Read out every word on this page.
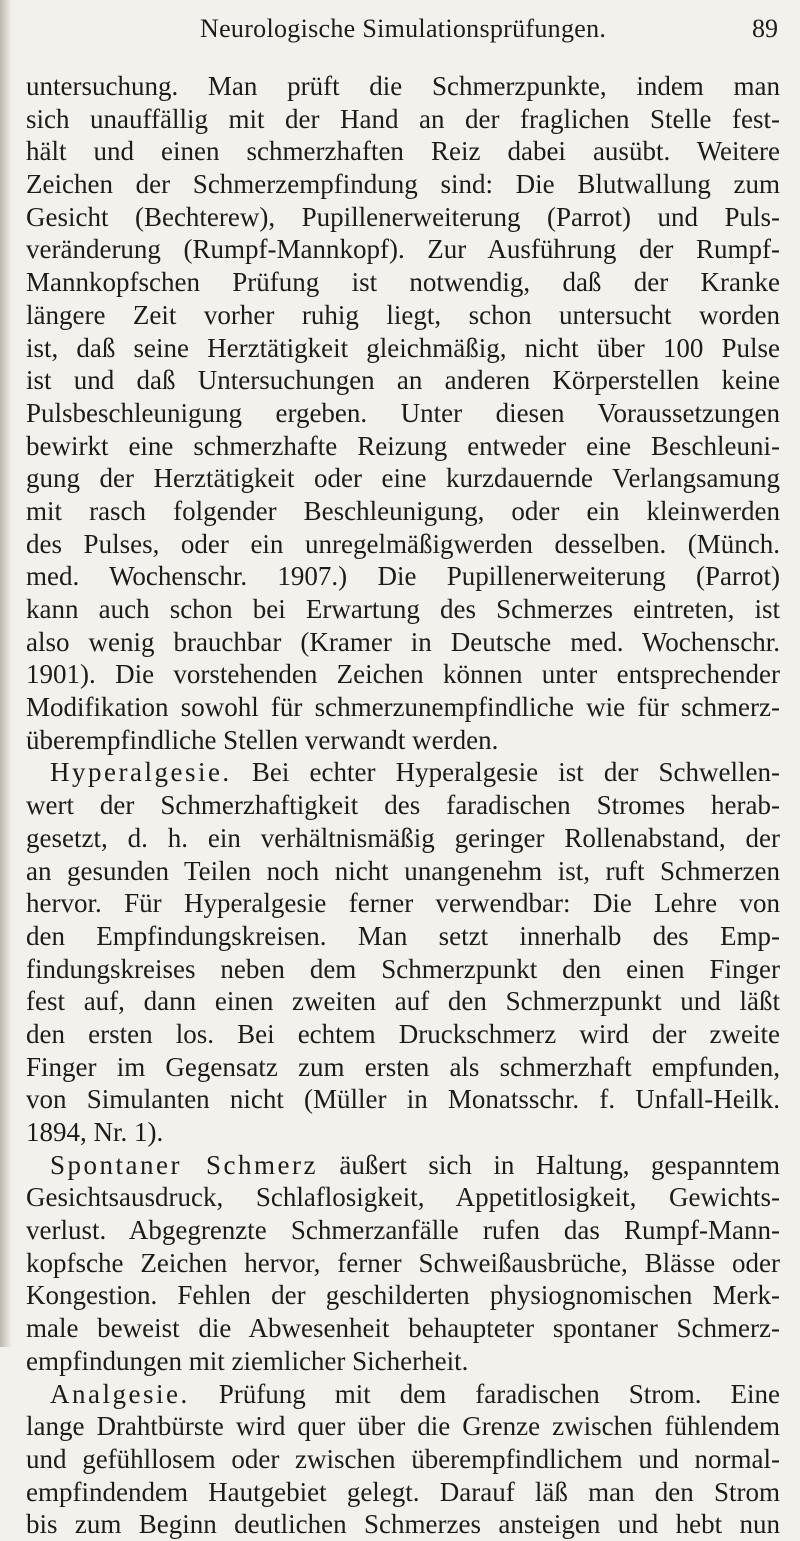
Neurologische Simulationsprüfungen.	89
untersuchung. Man prüft die Schmerzpunkte, indem man
sich unauffällig mit der Hand an der fraglichen Stelle fest-
hält und einen schmerzhaften Reiz dabei ausübt. Weitere
Zeichen der Schmerzempfindung sind: Die Blutwallung zum
Gesicht (Bechterew), Pupillenerweiterung (Parrot) und Puls-
veränderung (Rumpf-Mannkopf). Zur Ausführung der Rumpf-
Mannkopfschen Prüfung ist notwendig, daß der Kranke
längere Zeit vorher ruhig liegt, schon untersucht worden
ist, daß seine Herztätigkeit gleichmäßig, nicht über 100 Pulse
ist und daß Untersuchungen an anderen Körperstellen keine
Pulsbeschleunigung ergeben. Unter diesen Voraussetzungen
bewirkt eine schmerzhafte Reizung entweder eine Beschleuni-
gung der Herztätigkeit oder eine kurzdauernde Verlangsamung
mit rasch folgender Beschleunigung, oder ein kleinwerden
des Pulses, oder ein unregelmäßigwerden desselben. (Münch.
med. Wochenschr. 1907.) Die Pupillenerweiterung (Parrot)
kann auch schon bei Erwartung des Schmerzes eintreten, ist
also wenig brauchbar (Kramer in Deutsche med. Wochenschr.
1901). Die vorstehenden Zeichen können unter entsprechender
Modifikation sowohl für schmerzunempfindliche wie für schmerz-
überempfindliche Stellen verwandt werden.
Hyperalgesie. Bei echter Hyperalgesie ist der Schwellen-
wert der Schmerzhaftigkeit des faradischen Stromes herab-
gesetzt, d. h. ein verhältnismäßig geringer Rollenabstand, der
an gesunden Teilen noch nicht unangenehm ist, ruft Schmerzen
hervor. Für Hyperalgesie ferner verwendbar: Die Lehre von
den Empfindungskreisen. Man setzt innerhalb des Emp-
findungskreises neben dem Schmerzpunkt den einen Finger
fest auf, dann einen zweiten auf den Schmerzpunkt und läßt
den ersten los. Bei echtem Druckschmerz wird der zweite
Finger im Gegensatz zum ersten als schmerzhaft empfunden,
von Simulanten nicht (Müller in Monatsschr. f. Unfall-Heilk.
1894, Nr. 1).
Spontaner Schmerz äußert sich in Haltung, gespanntem
Gesichtsausdruck, Schlaflosigkeit, Appetitlosigkeit, Gewichts-
verlust. Abgegrenzte Schmerzanfälle rufen das Rumpf-Mann-
kopfsche Zeichen hervor, ferner Schweißausbrüche, Blässe oder
Kongestion. Fehlen der geschilderten physiognomischen Merk-
male beweist die Abwesenheit behaupteter spontaner Schmerz-
empfindungen mit ziemlicher Sicherheit.
Analgesie. Prüfung mit dem faradischen Strom. Eine
lange Drahtbürste wird quer über die Grenze zwischen fühlendem
und gefühllosem oder zwischen überempfindlichem und normal-
empfindendem Hautgebiet gelegt. Darauf läß man den Strom
bis zum Beginn deutlichen Schmerzes ansteigen und hebt nun
